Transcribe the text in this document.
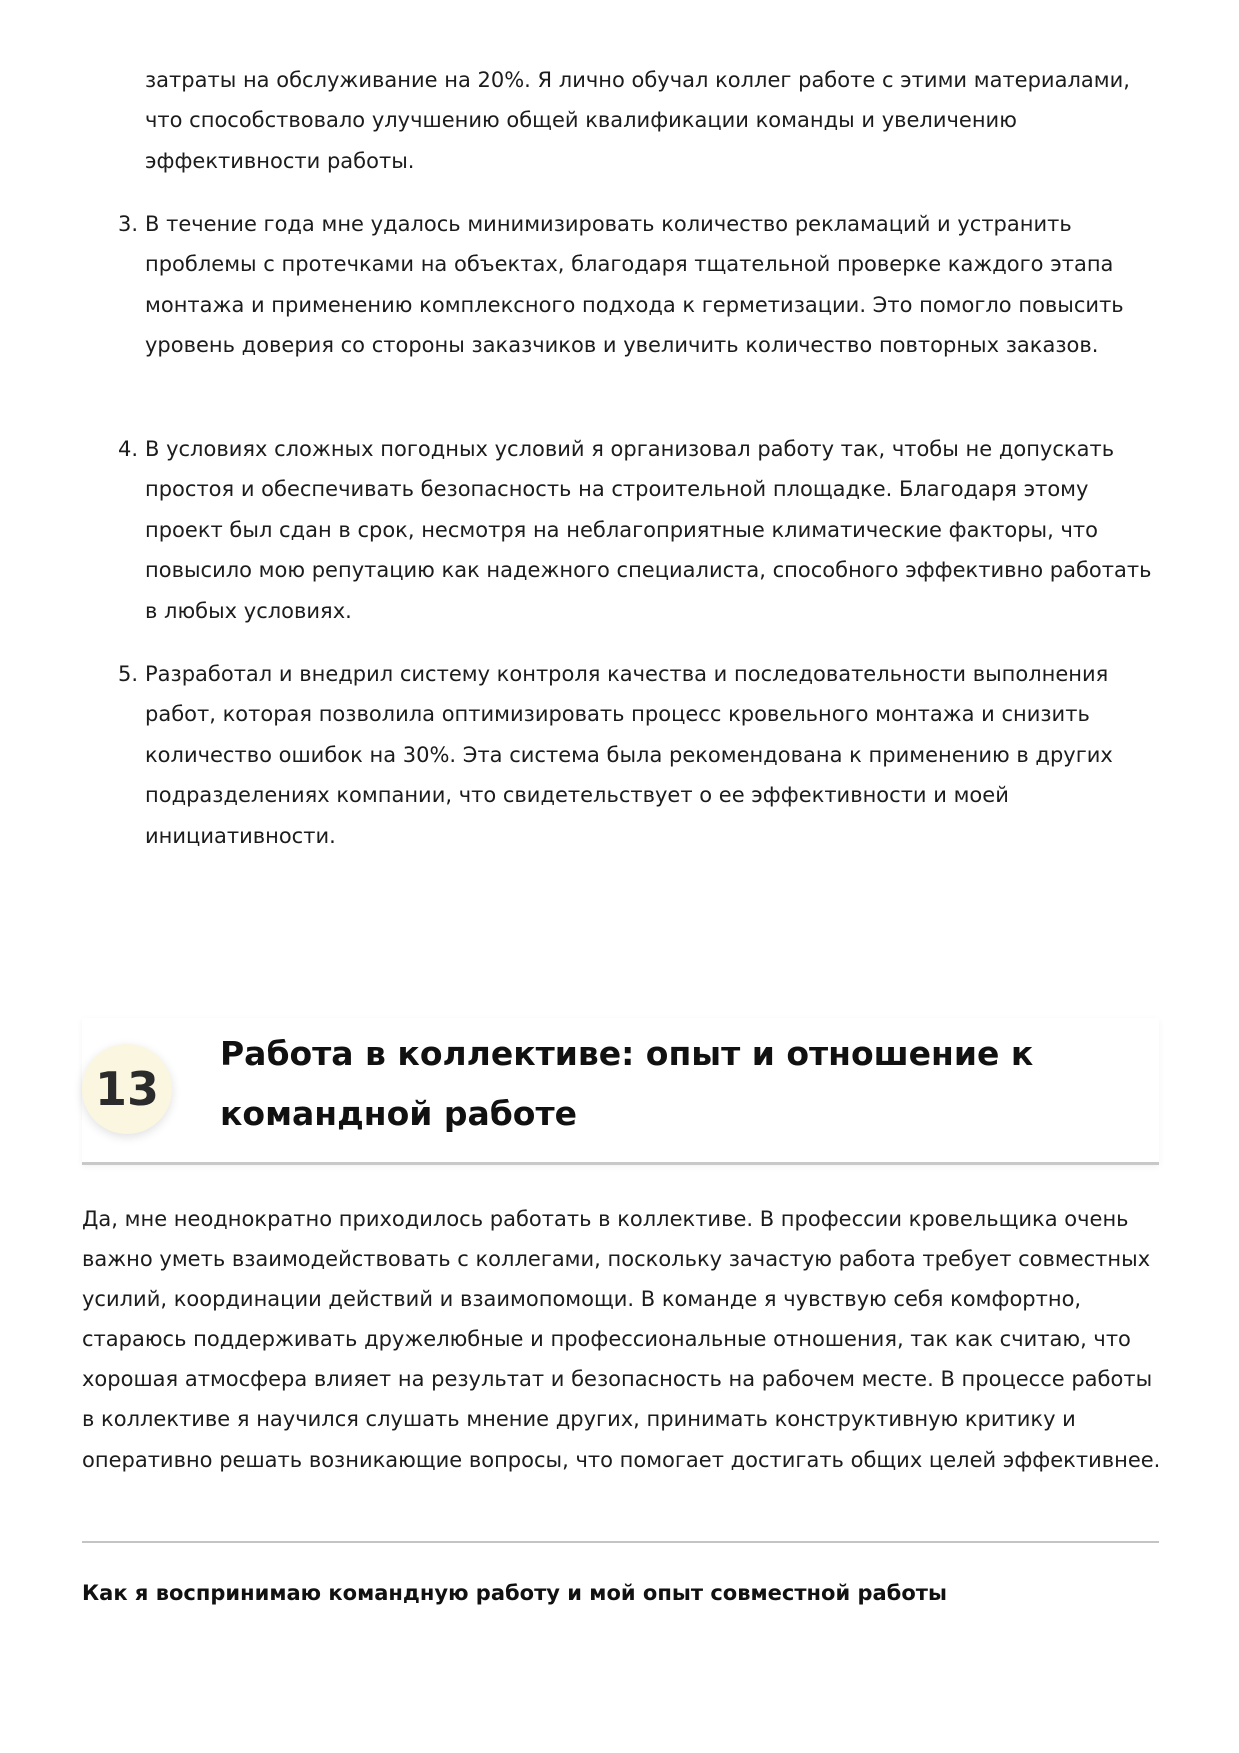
затраты на обслуживание на 20%. Я лично обучал коллег работе с этими материалами, что способствовало улучшению общей квалификации команды и увеличению эффективности работы.
3. В течение года мне удалось минимизировать количество рекламаций и устранить проблемы с протечками на объектах, благодаря тщательной проверке каждого этапа монтажа и применению комплексного подхода к герметизации. Это помогло повысить уровень доверия со стороны заказчиков и увеличить количество повторных заказов.
4. В условиях сложных погодных условий я организовал работу так, чтобы не допускать простоя и обеспечивать безопасность на строительной площадке. Благодаря этому проект был сдан в срок, несмотря на неблагоприятные климатические факторы, что повысило мою репутацию как надежного специалиста, способного эффективно работать в любых условиях.
5. Разработал и внедрил систему контроля качества и последовательности выполнения работ, которая позволила оптимизировать процесс кровельного монтажа и снизить количество ошибок на 30%. Эта система была рекомендована к применению в других подразделениях компании, что свидетельствует о ее эффективности и моей инициативности.
13
Работа в коллективе: опыт и отношение к командной работе
Да, мне неоднократно приходилось работать в коллективе. В профессии кровельщика очень важно уметь взаимодействовать с коллегами, поскольку зачастую работа требует совместных усилий, координации действий и взаимопомощи. В команде я чувствую себя комфортно, стараюсь поддерживать дружелюбные и профессиональные отношения, так как считаю, что хорошая атмосфера влияет на результат и безопасность на рабочем месте. В процессе работы в коллективе я научился слушать мнение других, принимать конструктивную критику и оперативно решать возникающие вопросы, что помогает достигать общих целей эффективнее.
Как я воспринимаю командную работу и мой опыт совместной работы
